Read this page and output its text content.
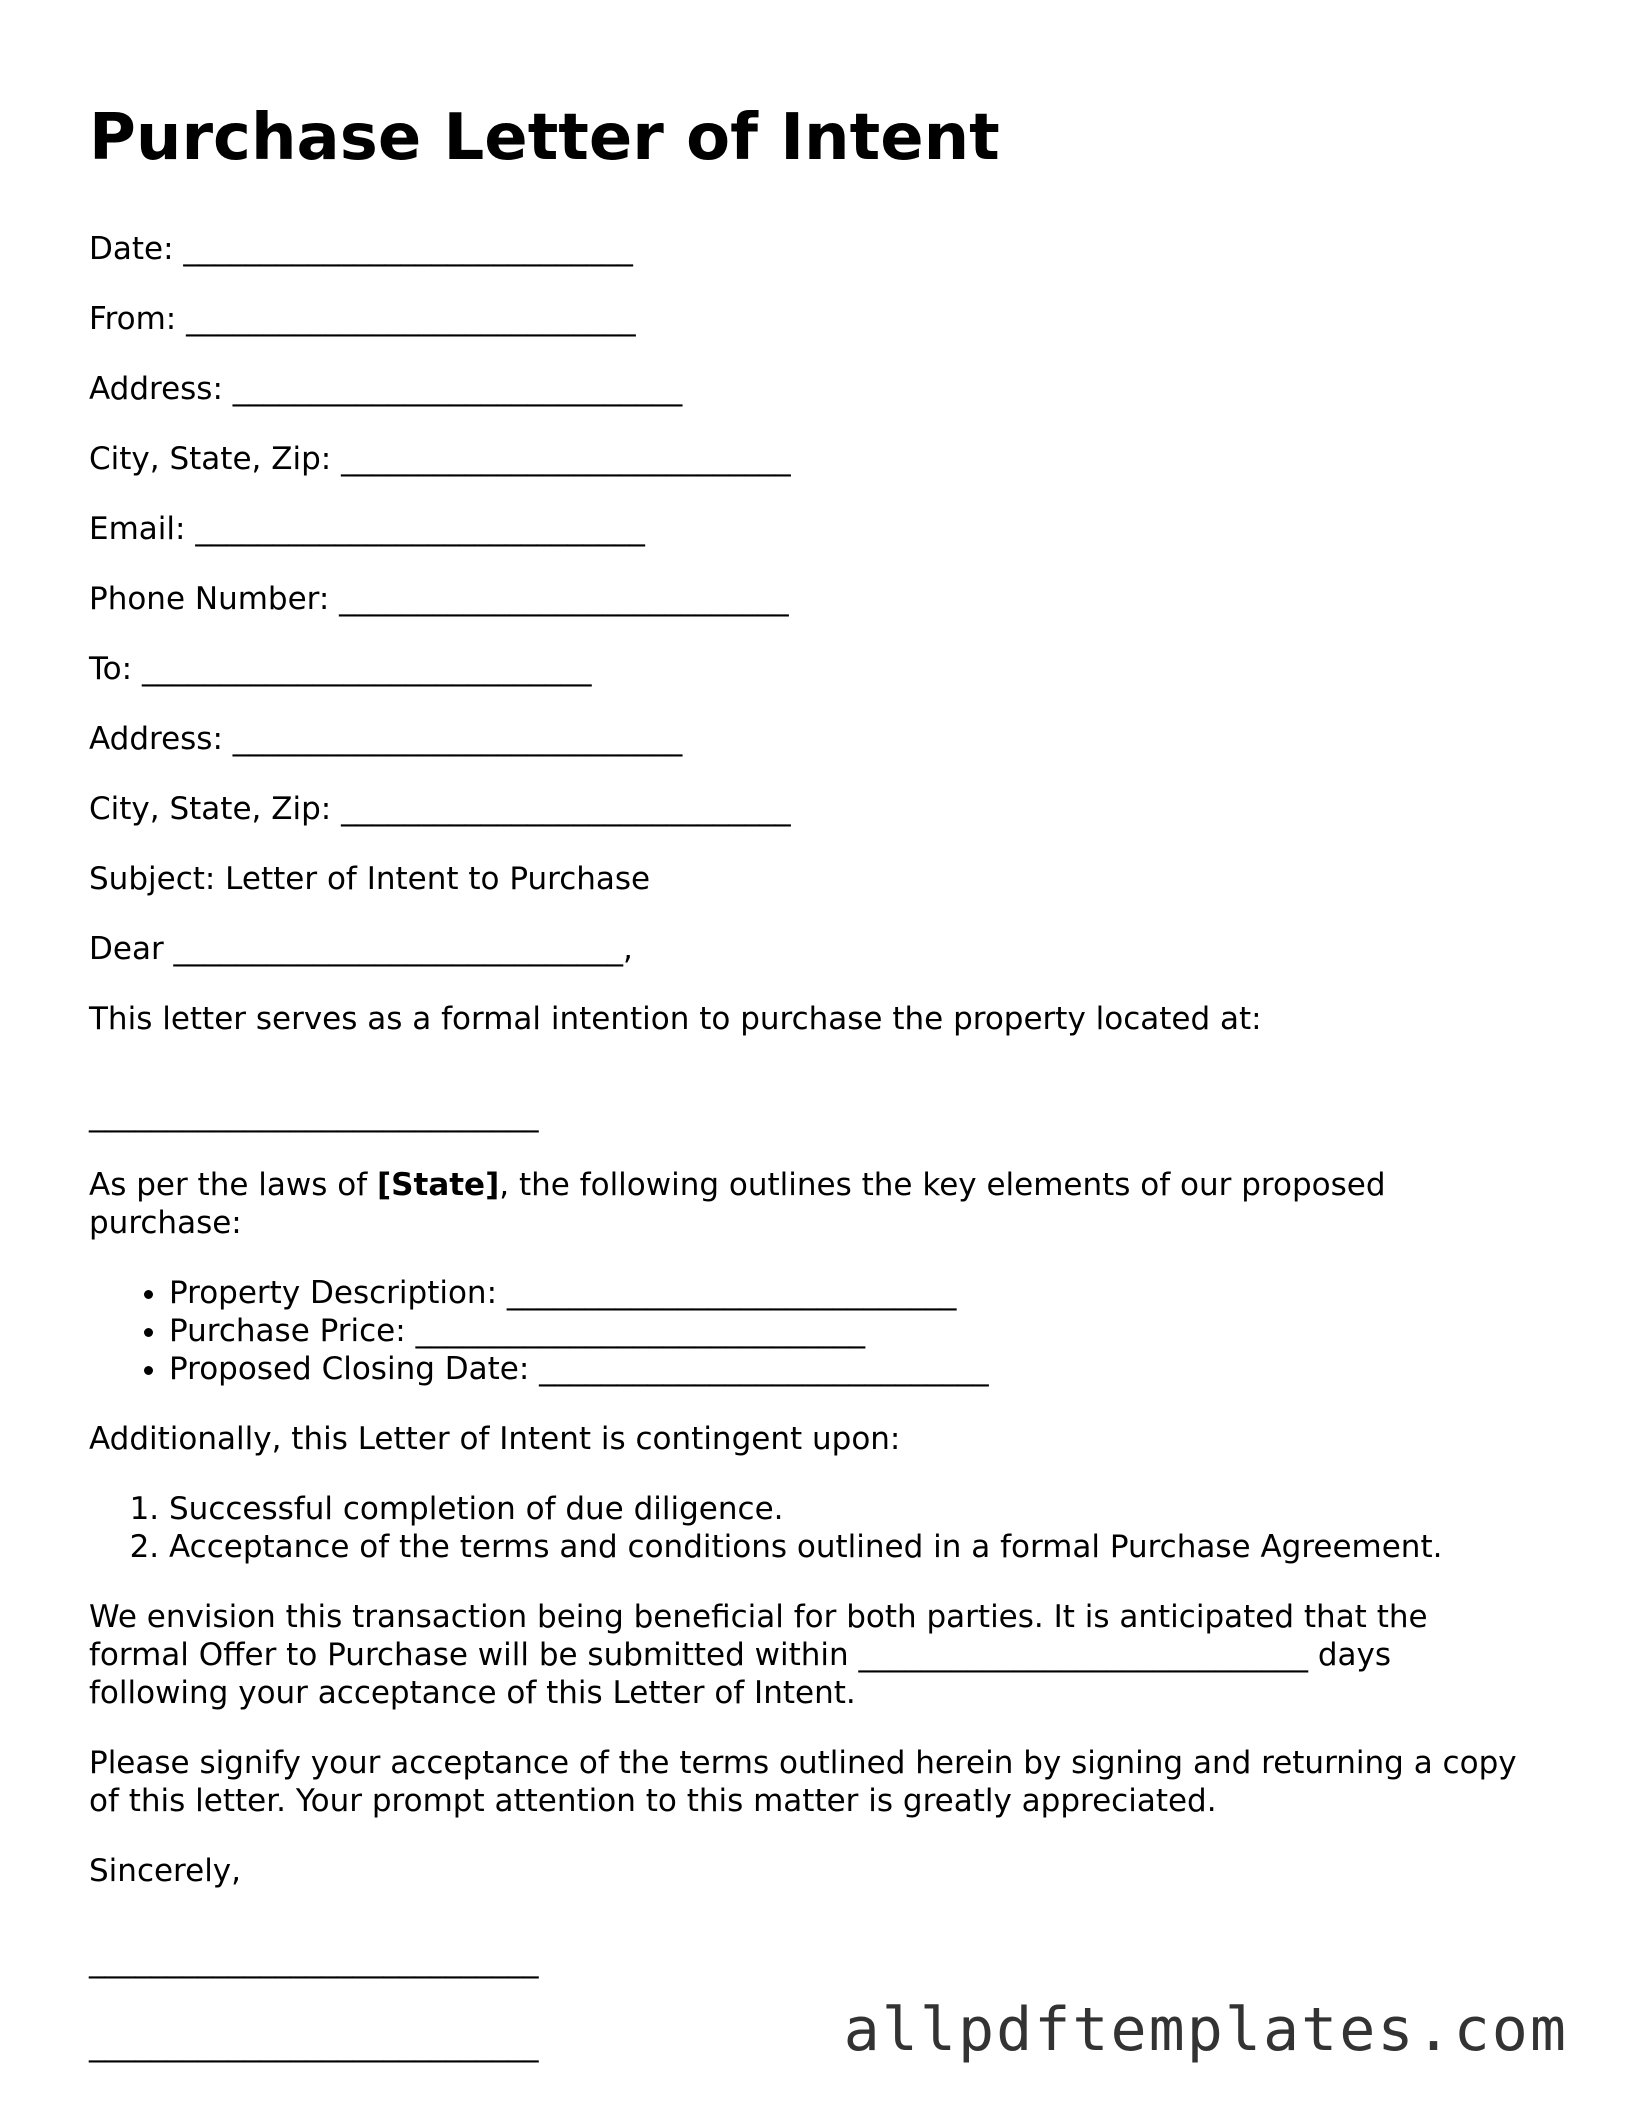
Purchase Letter of Intent
Date: _____________________________
From: _____________________________
Address: _____________________________
City, State, Zip: _____________________________
Email: _____________________________
Phone Number: _____________________________
To: _____________________________
Address: _____________________________
City, State, Zip: _____________________________
Subject: Letter of Intent to Purchase
Dear _____________________________,
This letter serves as a formal intention to purchase the property located at:
_____________________________
As per the laws of [State], the following outlines the key elements of our proposed purchase:
• Property Description: _____________________________
• Purchase Price: _____________________________
• Proposed Closing Date: _____________________________
Additionally, this Letter of Intent is contingent upon:
1. Successful completion of due diligence.
2. Acceptance of the terms and conditions outlined in a formal Purchase Agreement.
We envision this transaction being beneficial for both parties. It is anticipated that the formal Offer to Purchase will be submitted within _____________________________ days following your acceptance of this Letter of Intent.
Please signify your acceptance of the terms outlined herein by signing and returning a copy of this letter. Your prompt attention to this matter is greatly appreciated.
Sincerely,
_____________________________
_____________________________	allpdftemplates.com
